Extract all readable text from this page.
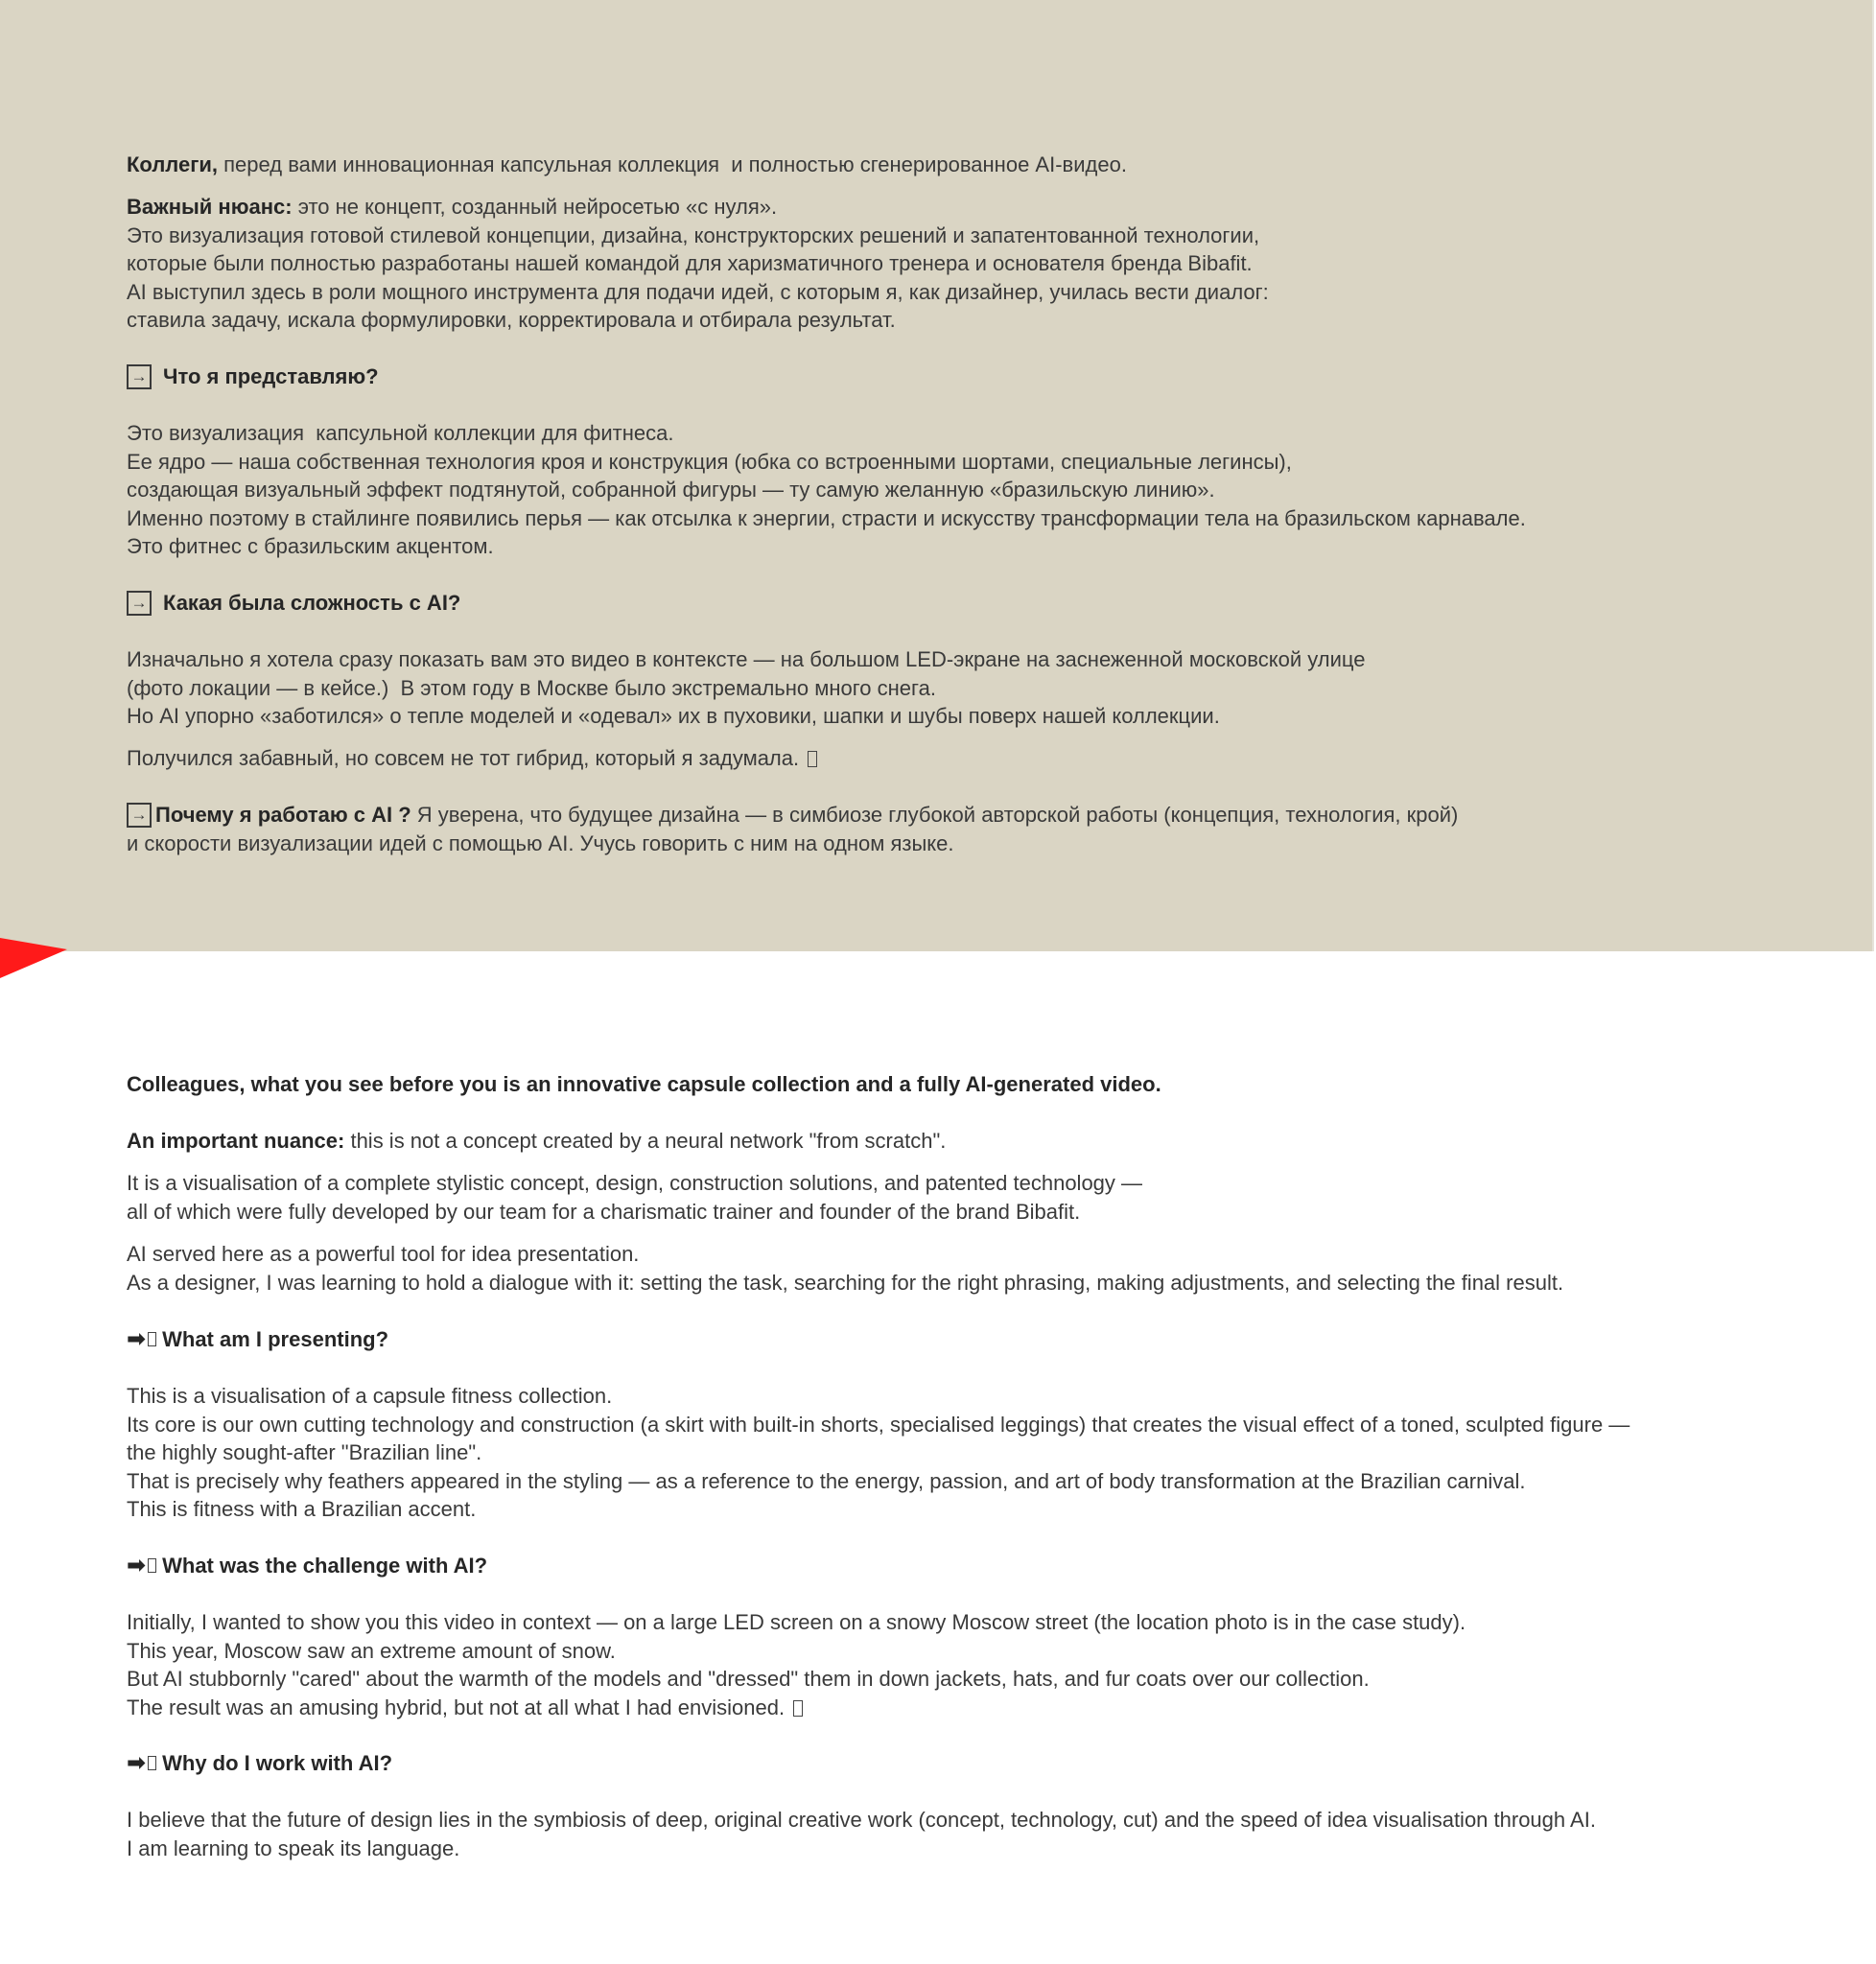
Коллеги, перед вами инновационная капсульная коллекция  и полностью сгенерированное AI-видео.

Важный нюанс: это не концепт, созданный нейросетью «с нуля».

Это визуализация готовой стилевой концепции, дизайна, конструкторских решений и запатентованной технологии,

которые были полностью разработаны нашей командой для харизматичного тренера и основателя бренда Bibafit.

AI выступил здесь в роли мощного инструмента для подачи идей, с которым я, как дизайнер, училась вести диалог:

ставила задачу, искала формулировки, корректировала и отбирала результат.

→ Что я представляю?

Это визуализация  капсульной коллекции для фитнеса.

Ее ядро — наша собственная технология кроя и конструкция (юбка со встроенными шортами, специальные легинсы),

создающая визуальный эффект подтянутой, собранной фигуры — ту самую желанную «бразильскую линию».

Именно поэтому в стайлинге появились перья — как отсылка к энергии, страсти и искусству трансформации тела на бразильском карнавале.

Это фитнес с бразильским акцентом.

→ Какая была сложность с AI?

Изначально я хотела сразу показать вам это видео в контексте — на большом LED-экране на заснеженной московской улице

(фото локации — в кейсе.)  В этом году в Москве было экстремально много снега.

Но AI упорно «заботился» о тепле моделей и «одевал» их в пуховики, шапки и шубы поверх нашей коллекции.

Получился забавный, но совсем не тот гибрид, который я задумала.

→ Почему я работаю с AI ? Я уверена, что будущее дизайна — в симбиозе глубокой авторской работы (концепция, технология, крой)

и скорости визуализации идей с помощью AI. Учусь говорить с ним на одном языке.

Colleagues, what you see before you is an innovative capsule collection and a fully AI-generated video.

An important nuance: this is not a concept created by a neural network "from scratch".

It is a visualisation of a complete stylistic concept, design, construction solutions, and patented technology —

all of which were fully developed by our team for a charismatic trainer and founder of the brand Bibafit.

AI served here as a powerful tool for idea presentation.

As a designer, I was learning to hold a dialogue with it: setting the task, searching for the right phrasing, making adjustments, and selecting the final result.

➡ What am I presenting?

This is a visualisation of a capsule fitness collection.

Its core is our own cutting technology and construction (a skirt with built-in shorts, specialised leggings) that creates the visual effect of a toned, sculpted figure —

the highly sought-after "Brazilian line".

That is precisely why feathers appeared in the styling — as a reference to the energy, passion, and art of body transformation at the Brazilian carnival.

This is fitness with a Brazilian accent.

➡ What was the challenge with AI?

Initially, I wanted to show you this video in context — on a large LED screen on a snowy Moscow street (the location photo is in the case study).

This year, Moscow saw an extreme amount of snow.

But AI stubbornly "cared" about the warmth of the models and "dressed" them in down jackets, hats, and fur coats over our collection.

The result was an amusing hybrid, but not at all what I had envisioned.

➡ Why do I work with AI?

I believe that the future of design lies in the symbiosis of deep, original creative work (concept, technology, cut) and the speed of idea visualisation through AI.

I am learning to speak its language.
